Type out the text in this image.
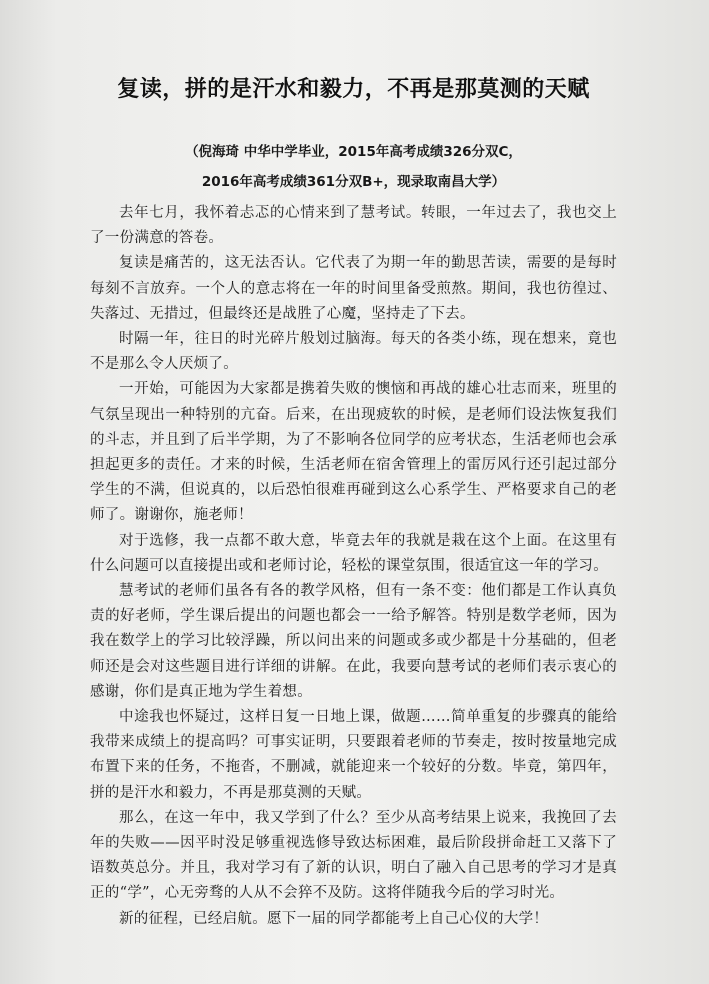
复读，拼的是汗水和毅力，不再是那莫测的天赋
（倪海琦 中华中学毕业，2015年高考成绩326分双C，
2016年高考成绩361分双B+，现录取南昌大学）

去年七月，我怀着忐忑的心情来到了慧考试。转眼，一年过去了，我也交上了一份满意的答卷。

复读是痛苦的，这无法否认。它代表了为期一年的勤思苦读，需要的是每时每刻不言放弃。一个人的意志将在一年的时间里备受煎熬。期间，我也彷徨过、失落过、无措过，但最终还是战胜了心魔，坚持走了下去。

时隔一年，往日的时光碎片般划过脑海。每天的各类小练，现在想来，竟也不是那么令人厌烦了。

一开始，可能因为大家都是携着失败的懊恼和再战的雄心壮志而来，班里的气氛呈现出一种特别的亢奋。后来，在出现疲软的时候，是老师们设法恢复我们的斗志，并且到了后半学期，为了不影响各位同学的应考状态，生活老师也会承担起更多的责任。才来的时候，生活老师在宿舍管理上的雷厉风行还引起过部分学生的不满，但说真的，以后恐怕很难再碰到这么心系学生、严格要求自己的老师了。谢谢你，施老师！

对于选修，我一点都不敢大意，毕竟去年的我就是栽在这个上面。在这里有什么问题可以直接提出或和老师讨论，轻松的课堂氛围，很适宜这一年的学习。

慧考试的老师们虽各有各的教学风格，但有一条不变：他们都是工作认真负责的好老师，学生课后提出的问题也都会一一给予解答。特别是数学老师，因为我在数学上的学习比较浮躁，所以问出来的问题或多或少都是十分基础的，但老师还是会对这些题目进行详细的讲解。在此，我要向慧考试的老师们表示衷心的感谢，你们是真正地为学生着想。

中途我也怀疑过，这样日复一日地上课，做题……简单重复的步骤真的能给我带来成绩上的提高吗？可事实证明，只要跟着老师的节奏走，按时按量地完成布置下来的任务，不拖沓，不删减，就能迎来一个较好的分数。毕竟，第四年，拼的是汗水和毅力，不再是那莫测的天赋。

那么，在这一年中，我又学到了什么？至少从高考结果上说来，我挽回了去年的失败——因平时没足够重视选修导致达标困难，最后阶段拼命赶工又落下了语数英总分。并且，我对学习有了新的认识，明白了融入自己思考的学习才是真正的“学”，心无旁骛的人从不会猝不及防。这将伴随我今后的学习时光。

新的征程，已经启航。愿下一届的同学都能考上自己心仪的大学！
